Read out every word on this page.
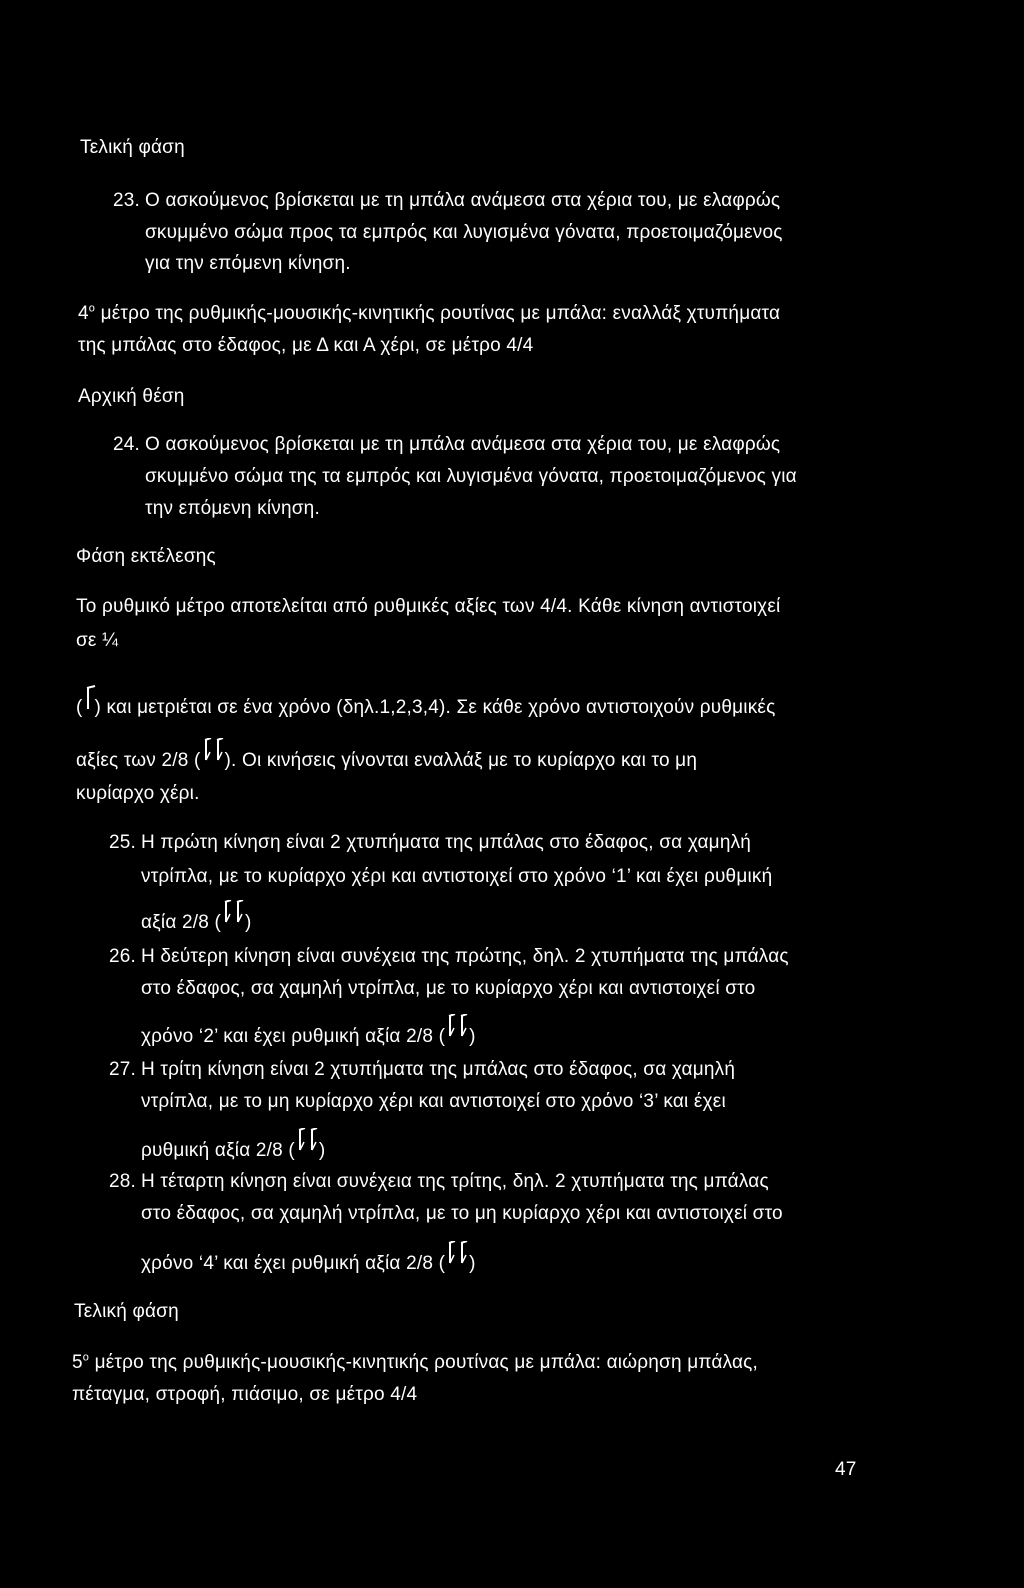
Τελική φάση
23. Ο ασκούμενος βρίσκεται με τη μπάλα ανάμεσα στα χέρια του, με ελαφρώς
σκυμμένο σώμα προς τα εμπρός και λυγισμένα γόνατα, προετοιμαζόμενος
για την επόμενη κίνηση.
$4^o$ μέτρο της ρυθμικής-μουσικής-κινητικής ρουτίνας με μπάλα: εναλλάξ χτυπήματα
της μπάλας στο έδαφος, με Δ και Α χέρι, σε μέτρο 4/4
Αρχική θέση
24. Ο ασκούμενος βρίσκεται με τη μπάλα ανάμεσα στα χέρια του, με ελαφρώς
σκυμμένο σώμα της τα εμπρός και λυγισμένα γόνατα, προετοιμαζόμενος για
την επόμενη κίνηση.
Φάση εκτέλεσης
Το ρυθμικό μέτρο αποτελείται από ρυθμικές αξίες των 4/4. Κάθε κίνηση αντιστοιχεί
σε ¼
( ) και μετριέται σε ένα χρόνο (δηλ.1,2,3,4). Σε κάθε χρόνο αντιστοιχούν ρυθμικές
αξίες των 2/8 ( ). Οι κινήσεις γίνονται εναλλάξ με το κυρίαρχο και το μη
κυρίαρχο χέρι.
25. Η πρώτη κίνηση είναι 2 χτυπήματα της μπάλας στο έδαφος, σα χαμηλή
ντρίπλα, με το κυρίαρχο χέρι και αντιστοιχεί στο χρόνο ‘1’ και έχει ρυθμική
αξία 2/8 ( )
26. Η δεύτερη κίνηση είναι συνέχεια της πρώτης, δηλ. 2 χτυπήματα της μπάλας
στο έδαφος, σα χαμηλή ντρίπλα, με το κυρίαρχο χέρι και αντιστοιχεί στο
χρόνο ‘2’ και έχει ρυθμική αξία 2/8 ( )
27. Η τρίτη κίνηση είναι 2 χτυπήματα της μπάλας στο έδαφος, σα χαμηλή
ντρίπλα, με το μη κυρίαρχο χέρι και αντιστοιχεί στο χρόνο ‘3’ και έχει
ρυθμική αξία 2/8 ( )
28. Η τέταρτη κίνηση είναι συνέχεια της τρίτης, δηλ. 2 χτυπήματα της μπάλας
στο έδαφος, σα χαμηλή ντρίπλα, με το μη κυρίαρχο χέρι και αντιστοιχεί στο
χρόνο ‘4’ και έχει ρυθμική αξία 2/8 ( )
Τελική φάση
$5^o$ μέτρο της ρυθμικής-μουσικής-κινητικής ρουτίνας με μπάλα: αιώρηση μπάλας,
πέταγμα, στροφή, πιάσιμο, σε μέτρο 4/4
47
